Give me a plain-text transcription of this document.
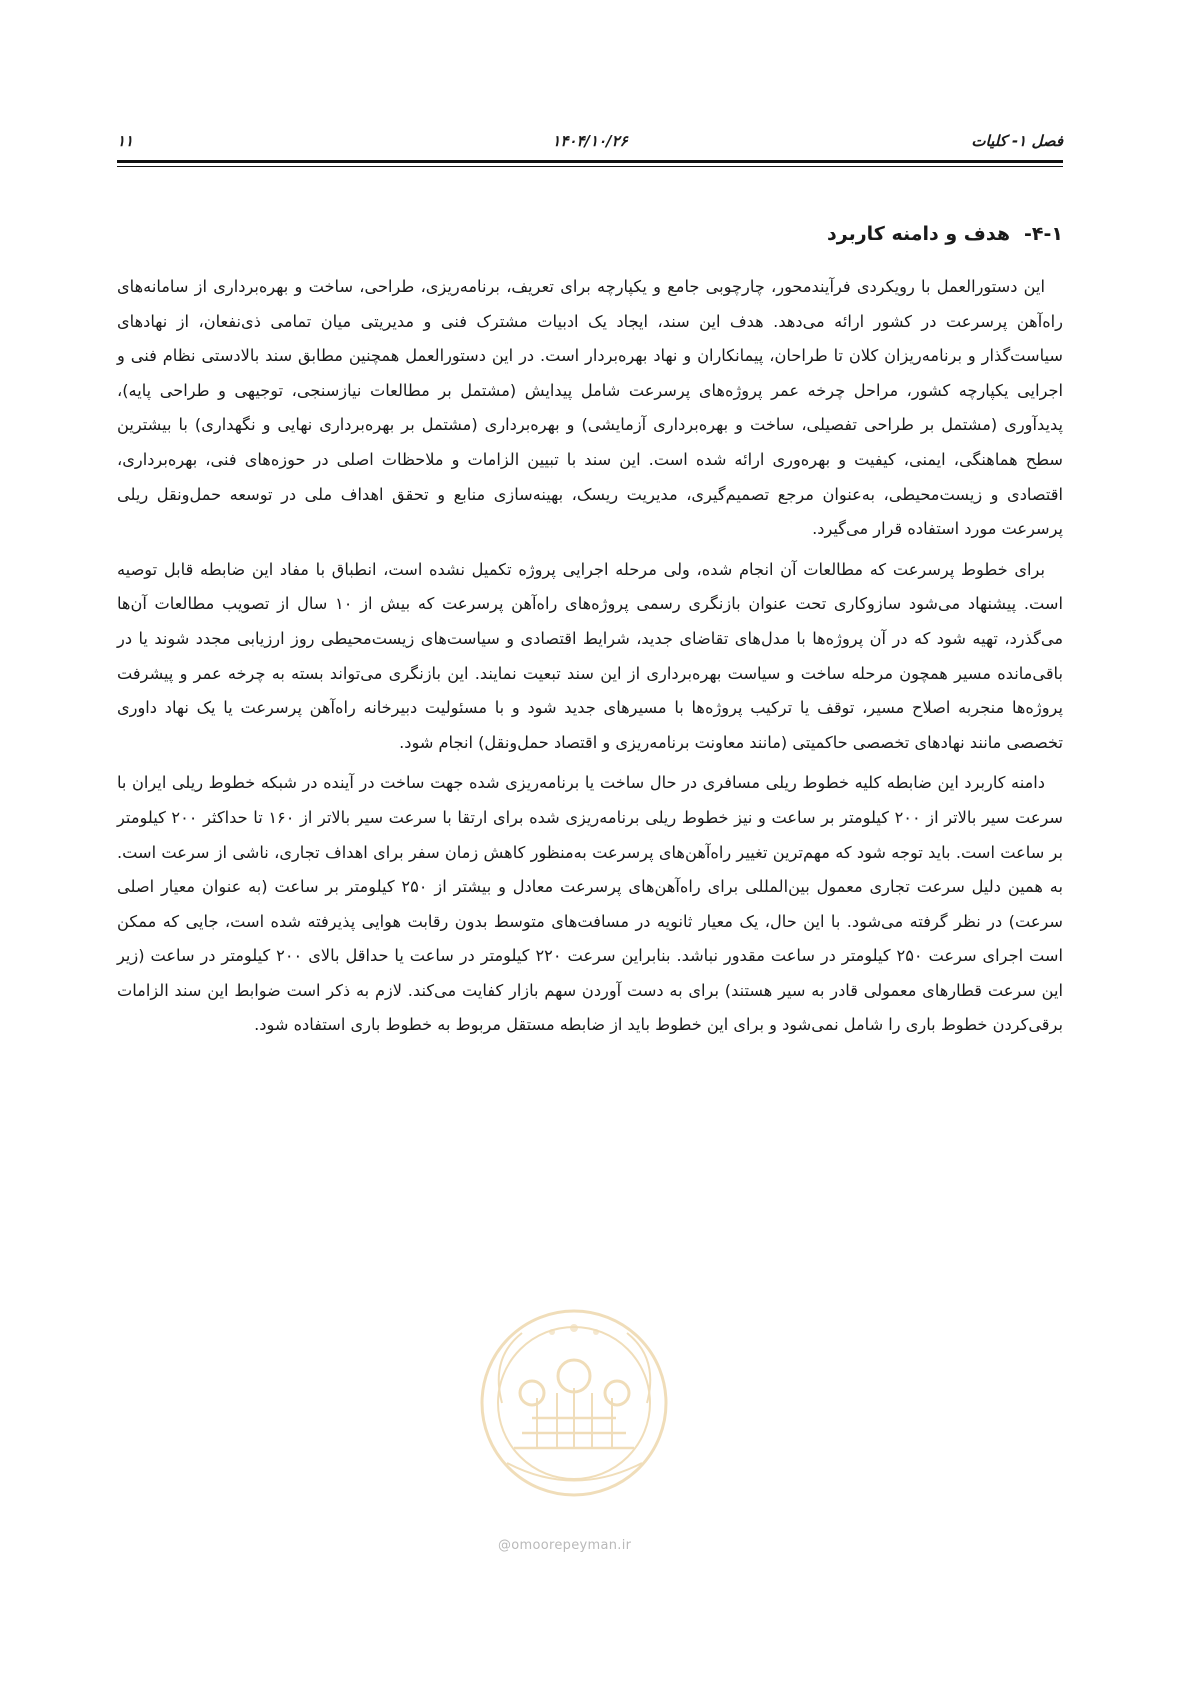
فصل ۱- کلیات
۱۴۰۴/۱۰/۲۶
۱۱
۴-۱-هدف و دامنه کاربرد

این دستورالعمل با رویکردی فرآیندمحور، چارچوبی جامع و یکپارچه برای تعریف، برنامه‌ریزی، طراحی، ساخت و بهره‌برداری از سامانه‌های راه‌آهن پرسرعت در کشور ارائه می‌دهد. هدف این سند، ایجاد یک ادبیات مشترک فنی و مدیریتی میان تمامی ذی‌نفعان، از نهادهای سیاست‌گذار و برنامه‌ریزان کلان تا طراحان، پیمانکاران و نهاد بهره‌بردار است. در این دستورالعمل همچنین مطابق سند بالادستی نظام فنی و اجرایی یکپارچه کشور، مراحل چرخه عمر پروژه‌های پرسرعت شامل پیدایش (مشتمل بر مطالعات نیازسنجی، توجیهی و طراحی پایه)، پدیدآوری (مشتمل بر طراحی تفصیلی، ساخت و بهره‌برداری آزمایشی) و بهره‌برداری (مشتمل بر بهره‌برداری نهایی و نگهداری) با بیشترین سطح هماهنگی، ایمنی، کیفیت و بهره‌وری ارائه شده است. این سند با تبیین الزامات و ملاحظات اصلی در حوزه‌های فنی، بهره‌برداری، اقتصادی و زیست‌محیطی، به‌عنوان مرجع تصمیم‌گیری، مدیریت ریسک، بهینه‌سازی منابع و تحقق اهداف ملی در توسعه حمل‌ونقل ریلی پرسرعت مورد استفاده قرار می‌گیرد.

برای خطوط پرسرعت که مطالعات آن انجام شده، ولی مرحله اجرایی پروژه تکمیل نشده است، انطباق با مفاد این ضابطه قابل توصیه است. پیشنهاد می‌شود سازوکاری تحت عنوان بازنگری رسمی پروژه‌های راه‌آهن پرسرعت که بیش از ۱۰ سال از تصویب مطالعات آن‌ها می‌گذرد، تهیه شود که در آن پروژه‌ها با مدل‌های تقاضای جدید، شرایط اقتصادی و سیاست‌های زیست‌محیطی روز ارزیابی مجدد شوند یا در باقی‌مانده مسیر همچون مرحله ساخت و سیاست بهره‌برداری از این سند تبعیت نمایند. این بازنگری می‌تواند بسته به چرخه عمر و پیشرفت پروژه‌ها منجربه اصلاح مسیر، توقف یا ترکیب پروژه‌ها با مسیرهای جدید شود و با مسئولیت دبیرخانه راه‌آهن پرسرعت یا یک نهاد داوری تخصصی مانند نهادهای تخصصی حاکمیتی (مانند معاونت برنامه‌ریزی و اقتصاد حمل‌ونقل) انجام شود.

دامنه کاربرد این ضابطه کلیه خطوط ریلی مسافری در حال ساخت یا برنامه‌ریزی شده جهت ساخت در آینده در شبکه خطوط ریلی ایران با سرعت سیر بالاتر از ۲۰۰ کیلومتر بر ساعت و نیز خطوط ریلی برنامه‌ریزی شده برای ارتقا با سرعت سیر بالاتر از ۱۶۰ تا حداکثر ۲۰۰ کیلومتر بر ساعت است. باید توجه شود که مهم‌ترین تغییر راه‌آهن‌های پرسرعت به‌منظور کاهش زمان سفر برای اهداف تجاری، ناشی از سرعت است. به همین دلیل سرعت تجاری معمول بین‌المللی برای راه‌آهن‌های پرسرعت معادل و بیشتر از ۲۵۰ کیلومتر بر ساعت (به عنوان معیار اصلی سرعت) در نظر گرفته می‌شود. با این حال، یک معیار ثانویه در مسافت‌های متوسط بدون رقابت هوایی پذیرفته شده است، جایی که ممکن است اجرای سرعت ۲۵۰ کیلومتر در ساعت مقدور نباشد. بنابراین سرعت ۲۲۰ کیلومتر در ساعت یا حداقل بالای ۲۰۰ کیلومتر در ساعت (زیر این سرعت قطارهای معمولی قادر به سیر هستند) برای به دست آوردن سهم بازار کفایت می‌کند. لازم به ذکر است ضوابط این سند الزامات برقی‌کردن خطوط باری را شامل نمی‌شود و برای این خطوط باید از ضابطه مستقل مربوط به خطوط باری استفاده شود.

@omoorepeyman.ir
